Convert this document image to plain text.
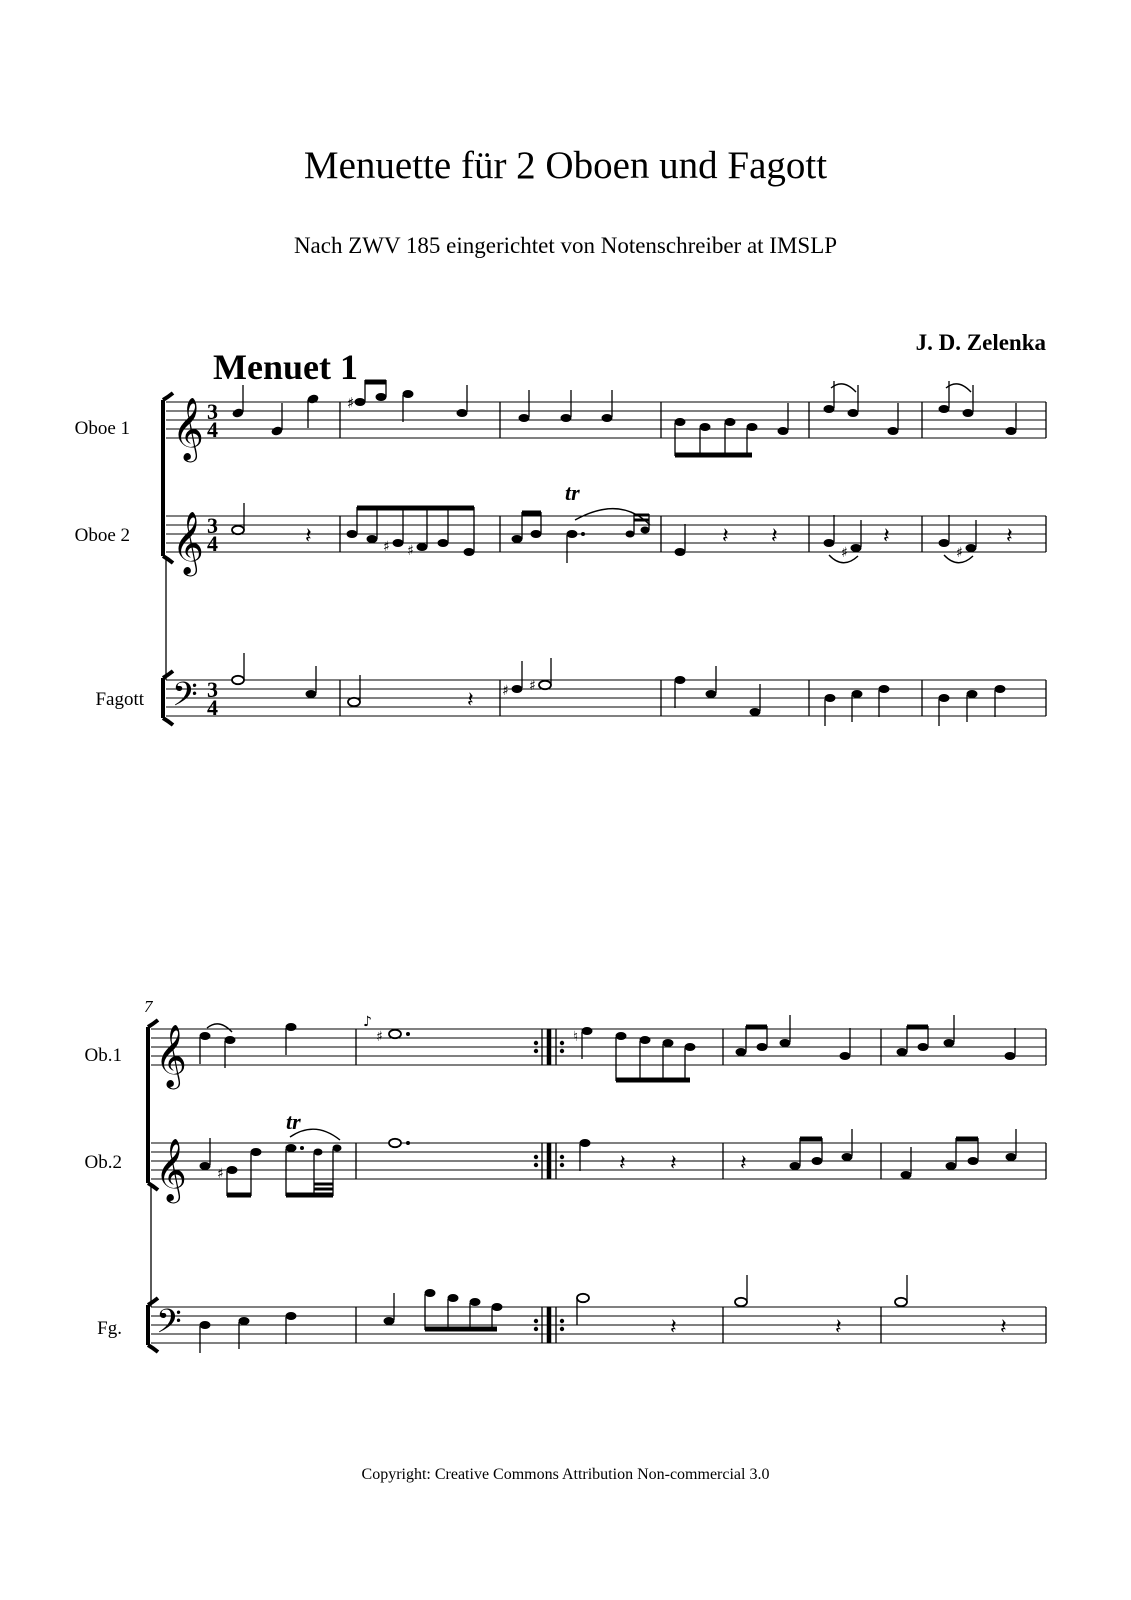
Menuette für 2 Oboen und Fagott
Nach ZWV 185 eingerichtet von Notenschreiber at IMSLP
J. D. Zelenka
Menuet 1
Oboe 1
Oboe 2
Fagott
7
Ob.1
Ob.2
Fg.
𝄞
𝄞
𝄢
3
4
3
4
3
4
♯
𝄽	♯ ♯
tr
𝄽 𝄽
♯
𝄽
♯
𝄽
𝄽 ♯ ♯
𝄞
𝄞
𝄢
♪
♯	♮
♯
tr
𝄽 𝄽	𝄽
𝄽	𝄽	𝄽
Copyright: Creative Commons Attribution Non-commercial 3.0
